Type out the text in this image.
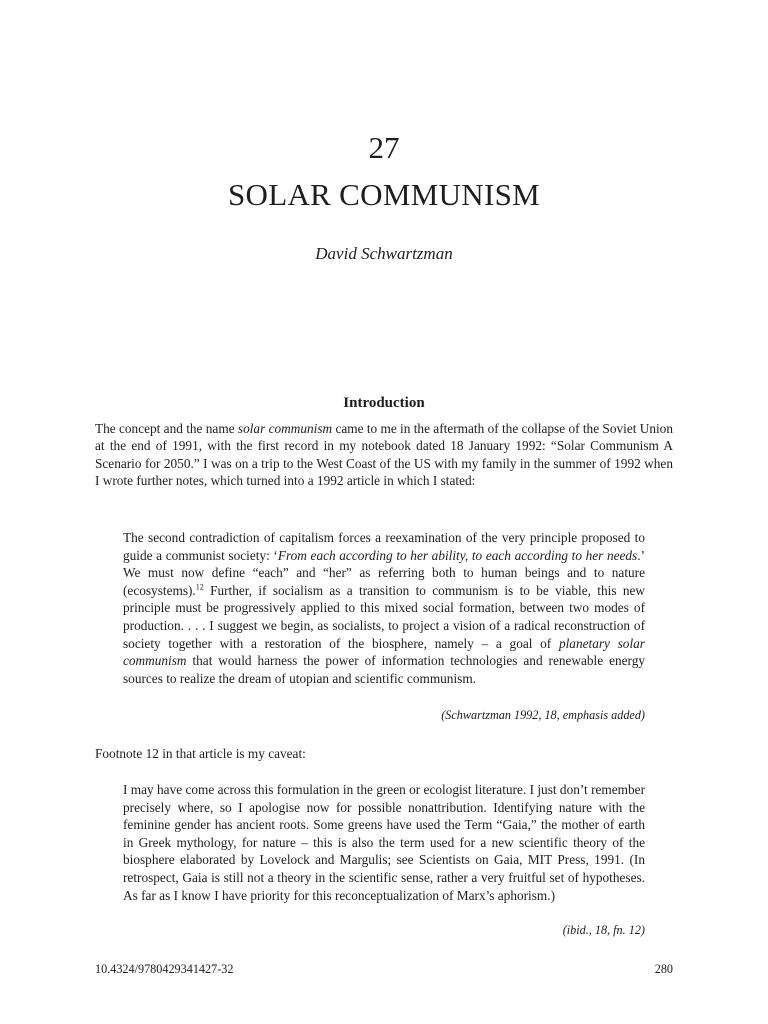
27
SOLAR COMMUNISM
David Schwartzman
Introduction

The concept and the name solar communism came to me in the aftermath of the collapse of the Soviet Union at the end of 1991, with the first record in my notebook dated 18 January 1992: “Solar Communism A Scenario for 2050.” I was on a trip to the West Coast of the US with my family in the summer of 1992 when I wrote further notes, which turned into a 1992 article in which I stated:

The second contradiction of capitalism forces a reexamination of the very principle proposed to guide a communist society: ‘From each according to her ability, to each according to her needs.’ We must now define “each” and “her” as referring both to human beings and to nature (ecosystems).$^{12}$ Further, if socialism as a transition to communism is to be viable, this new principle must be progressively applied to this mixed social formation, between two modes of production. . . . I suggest we begin, as socialists, to project a vision of a radical reconstruction of society together with a restoration of the biosphere, namely – a goal of planetary solar communism that would harness the power of information technologies and renewable energy sources to realize the dream of utopian and scientific communism.

(Schwartzman 1992, 18, emphasis added)

Footnote 12 in that article is my caveat:

I may have come across this formulation in the green or ecologist literature. I just don’t remember precisely where, so I apologise now for possible nonattribution. Identifying nature with the feminine gender has ancient roots. Some greens have used the Term “Gaia,” the mother of earth in Greek mythology, for nature – this is also the term used for a new scientific theory of the biosphere elaborated by Lovelock and Margulis; see Scientists on Gaia, MIT Press, 1991. (In retrospect, Gaia is still not a theory in the scientific sense, rather a very fruitful set of hypotheses. As far as I know I have priority for this reconceptualization of Marx’s aphorism.)

(ibid., 18, fn. 12)
10.4324/9780429341427-32	280
